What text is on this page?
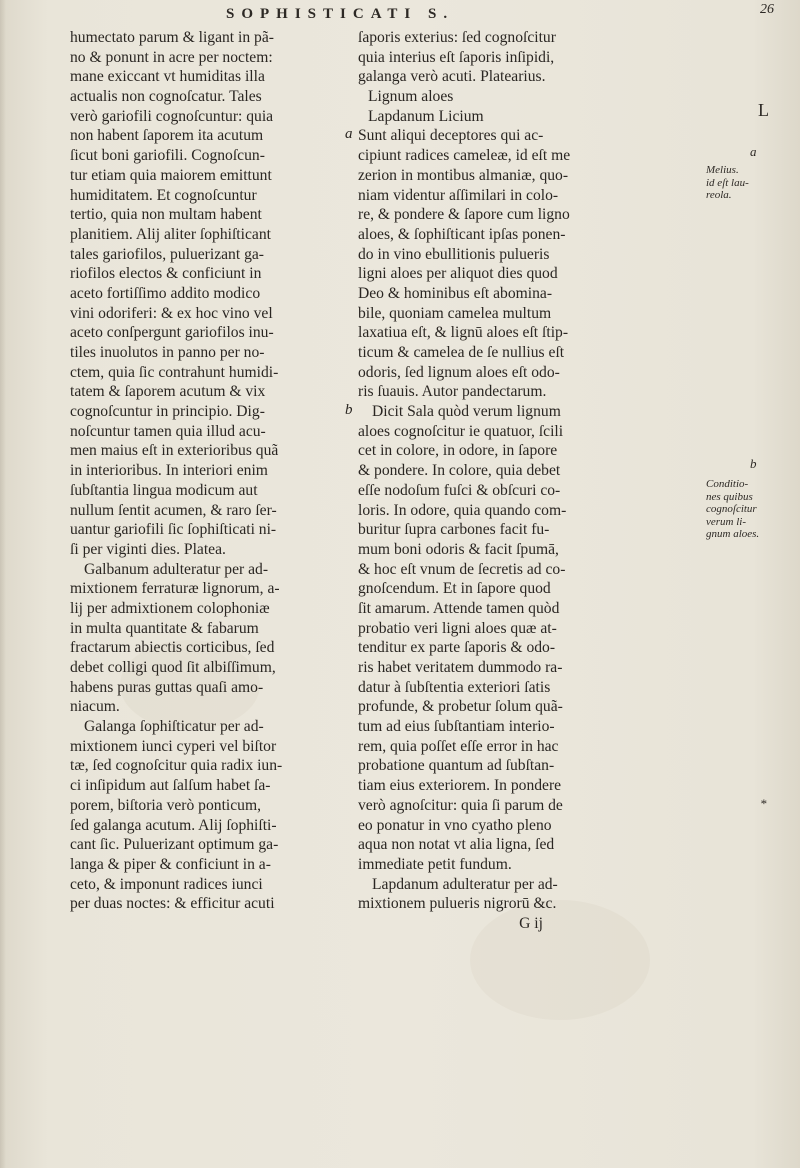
SOPHISTICATI S.	26
humectato parum & ligant in pã-
no & ponunt in acre per noctem:
mane exiccant vt humiditas illa
actualis non cognoſcatur. Tales
verò gariofili cognoſcuntur: quia
non habent ſaporem ita acutum
ſicut boni gariofili. Cognoſcun-
tur etiam quia maiorem emittunt
humiditatem. Et cognoſcuntur
tertio, quia non multam habent
planitiem. Alij aliter ſophiſticant
tales gariofilos, puluerizant ga-
riofilos electos & conficiunt in
aceto fortiſſimo addito modico
vini odoriferi: & ex hoc vino vel
aceto conſpergunt gariofilos inu-
tiles inuolutos in panno per no-
ctem, quia ſic contrahunt humidi-
tatem & ſaporem acutum & vix
cognoſcuntur in principio. Dig-
noſcuntur tamen quia illud acu-
men maius eſt in exterioribus quã
in interioribus. In interiori enim
ſubſtantia lingua modicum aut
nullum ſentit acumen, & raro ſer-
uantur gariofili ſic ſophiſticati ni-
ſi per viginti dies. Platea.
Galbanum adulteratur per ad-
mixtionem ferraturæ lignorum, a-
lij per admixtionem colophoniæ
in multa quantitate & fabarum
fractarum abiectis corticibus, ſed
debet colligi quod ſit albiſſimum,
habens puras guttas quaſi amo-
niacum.
Galanga ſophiſticatur per ad-
mixtionem iunci cyperi vel biſtor
tæ, ſed cognoſcitur quia radix iun-
ci inſipidum aut ſalſum habet ſa-
porem, biſtoria verò ponticum,
ſed galanga acutum. Alij ſophiſti-
cant ſic. Puluerizant optimum ga-
langa & piper & conficiunt in a-
ceto, & imponunt radices iunci
per duas noctes: & efficitur acuti
ſaporis exterius: ſed cognoſcitur
quia interius eſt ſaporis inſipidi,
galanga verò acuti. Platearius.
Lignum aloes
Lapdanum Licium
Sunt aliqui deceptores qui ac-
cipiunt radices cameleæ, id eſt me
zerion in montibus almaniæ, quo-
niam videntur aſſimilari in colo-
re, & pondere & ſapore cum ligno
aloes, & ſophiſticant ipſas ponen-
do in vino ebullitionis pulueris
ligni aloes per aliquot dies quod
Deo & hominibus eſt abomina-
bile, quoniam camelea multum
laxatiua eſt, & lignū aloes eſt ſtip-
ticum & camelea de ſe nullius eſt
odoris, ſed lignum aloes eſt odo-
ris ſuauis. Autor pandectarum.
Dicit Sala quòd verum lignum
aloes cognoſcitur ie quatuor, ſcili
cet in colore, in odore, in ſapore
& pondere. In colore, quia debet
eſſe nodoſum fuſci & obſcuri co-
loris. In odore, quia quando com-
buritur ſupra carbones facit fu-
mum boni odoris & facit ſpumā,
& hoc eſt vnum de ſecretis ad co-
gnoſcendum. Et in ſapore quod
ſit amarum. Attende tamen quòd
probatio veri ligni aloes quæ at-
tenditur ex parte ſaporis & odo-
ris habet veritatem dummodo ra-
datur à ſubſtentia exteriori ſatis
profunde, & probetur ſolum quã-
tum ad eius ſubſtantiam interio-
rem, quia poſſet eſſe error in hac
probatione quantum ad ſubſtan-
tiam eius exteriorem. In pondere
verò agnoſcitur: quia ſi parum de
eo ponatur in vno cyatho pleno
aqua non notat vt alia ligna, ſed
immediate petit fundum.
Lapdanum adulteratur per ad-
mixtionem pulueris nigrorū &c.
G ij
L
a
Melius.
id eſt lau-
reola.
b
Conditio-
nes quibus
cognoſcitur
verum li-
gnum aloes.
*
a
b
